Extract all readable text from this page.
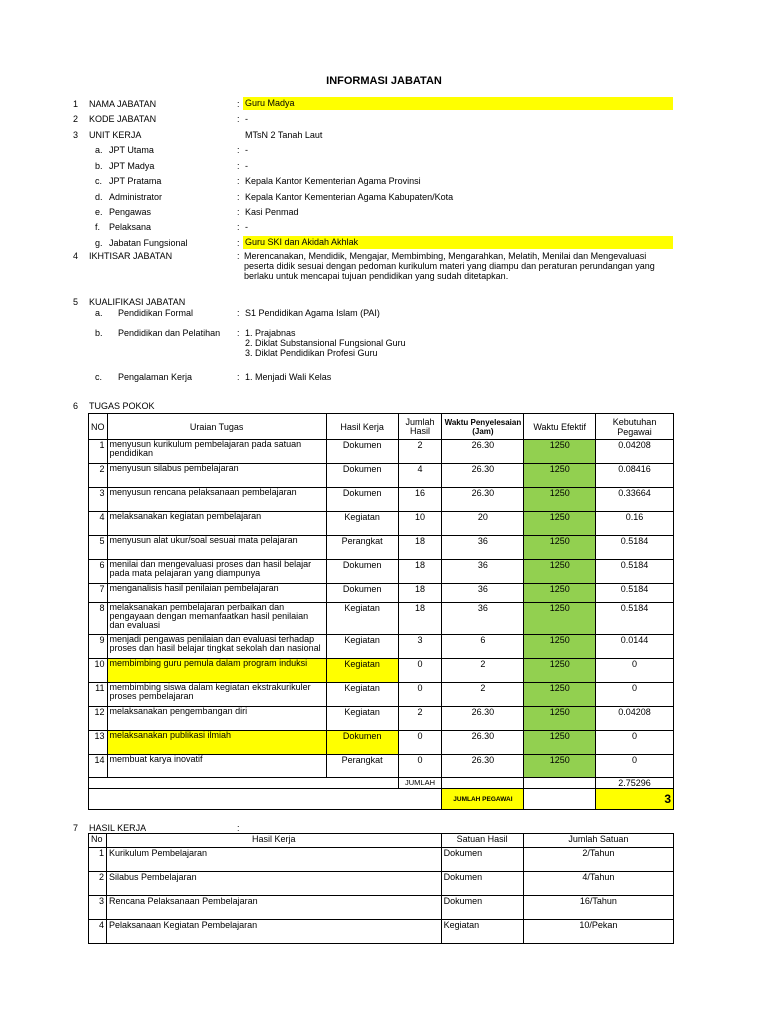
INFORMASI JABATAN
1 NAMA JABATAN	: Guru Madya
2 KODE JABATAN	: -
3 UNIT KERJA	MTsN 2 Tanah Laut
a. JPT Utama	: -
b. JPT Madya	: -
c. JPT Pratama	: Kepala Kantor Kementerian Agama Provinsi
d. Administrator	: Kepala Kantor Kementerian Agama Kabupaten/Kota
e. Pengawas	: Kasi Penmad
f. Pelaksana	: -
g. Jabatan Fungsional	: Guru SKI dan Akidah Akhlak
4 IKHTISAR JABATAN	: Merencanakan, Mendidik, Mengajar, Membimbing, Mengarahkan, Melatih, Menilai dan Mengevaluasi peserta didik sesuai dengan pedoman kurikulum materi yang diampu dan peraturan perundangan yang berlaku untuk mencapai tujuan pendidikan yang sudah ditetapkan.
5 KUALIFIKASI JABATAN
a. Pendidikan Formal	: S1 Pendidikan Agama Islam (PAI)
b. Pendidikan dan Pelatihan : 1. Prajabnas
2. Diklat Substansional Fungsional Guru
3. Diklat Pendidikan Profesi Guru
c. Pengalaman Kerja	: 1. Menjadi Wali Kelas
6 TUGAS POKOK
NO	Uraian Tugas	Hasil Kerja	Jumlah Hasil	Waktu Penyelesaian (Jam)	Waktu Efektif	Kebutuhan Pegawai
1	menyusun kurikulum pembelajaran pada satuan pendidikan	Dokumen	2	26.30	1250	0.04208
2	menyusun silabus pembelajaran	Dokumen	4	26.30	1250	0.08416
3	menyusun rencana pelaksanaan pembelajaran	Dokumen	16	26.30	1250	0.33664
4	melaksanakan kegiatan pembelajaran	Kegiatan	10	20	1250	0.16
5	menyusun alat ukur/soal sesuai mata pelajaran	Perangkat	18	36	1250	0.5184
6	menilai dan mengevaluasi proses dan hasil belajar pada mata pelajaran yang diampunya	Dokumen	18	36	1250	0.5184
7	menganalisis hasil penilaian pembelajaran	Dokumen	18	36	1250	0.5184
8	melaksanakan pembelajaran perbaikan dan pengayaan dengan memanfaatkan hasil penilaian dan evaluasi	Kegiatan	18	36	1250	0.5184
9	menjadi pengawas penilaian dan evaluasi terhadap proses dan hasil belajar tingkat sekolah dan nasional	Kegiatan	3	6	1250	0.0144
10	membimbing guru pemula dalam program induksi	Kegiatan	0	2	1250	0
11	membimbing siswa dalam kegiatan ekstrakurikuler proses pembelajaran	Kegiatan	0	2	1250	0
12	melaksanakan pengembangan diri	Kegiatan	2	26.30	1250	0.04208
13	melaksanakan publikasi ilmiah	Dokumen	0	26.30	1250	0
14	membuat karya inovatif	Perangkat	0	26.30	1250	0
			JUMLAH			2.75296
				JUMLAH PEGAWAI		3
7 HASIL KERJA	:
No	Hasil Kerja	Satuan Hasil	Jumlah Satuan
1	Kurikulum Pembelajaran	Dokumen	2/Tahun
2	Silabus Pembelajaran	Dokumen	4/Tahun
3	Rencana Pelaksanaan Pembelajaran	Dokumen	16/Tahun
4	Pelaksanaan Kegiatan Pembelajaran	Kegiatan	10/Pekan
